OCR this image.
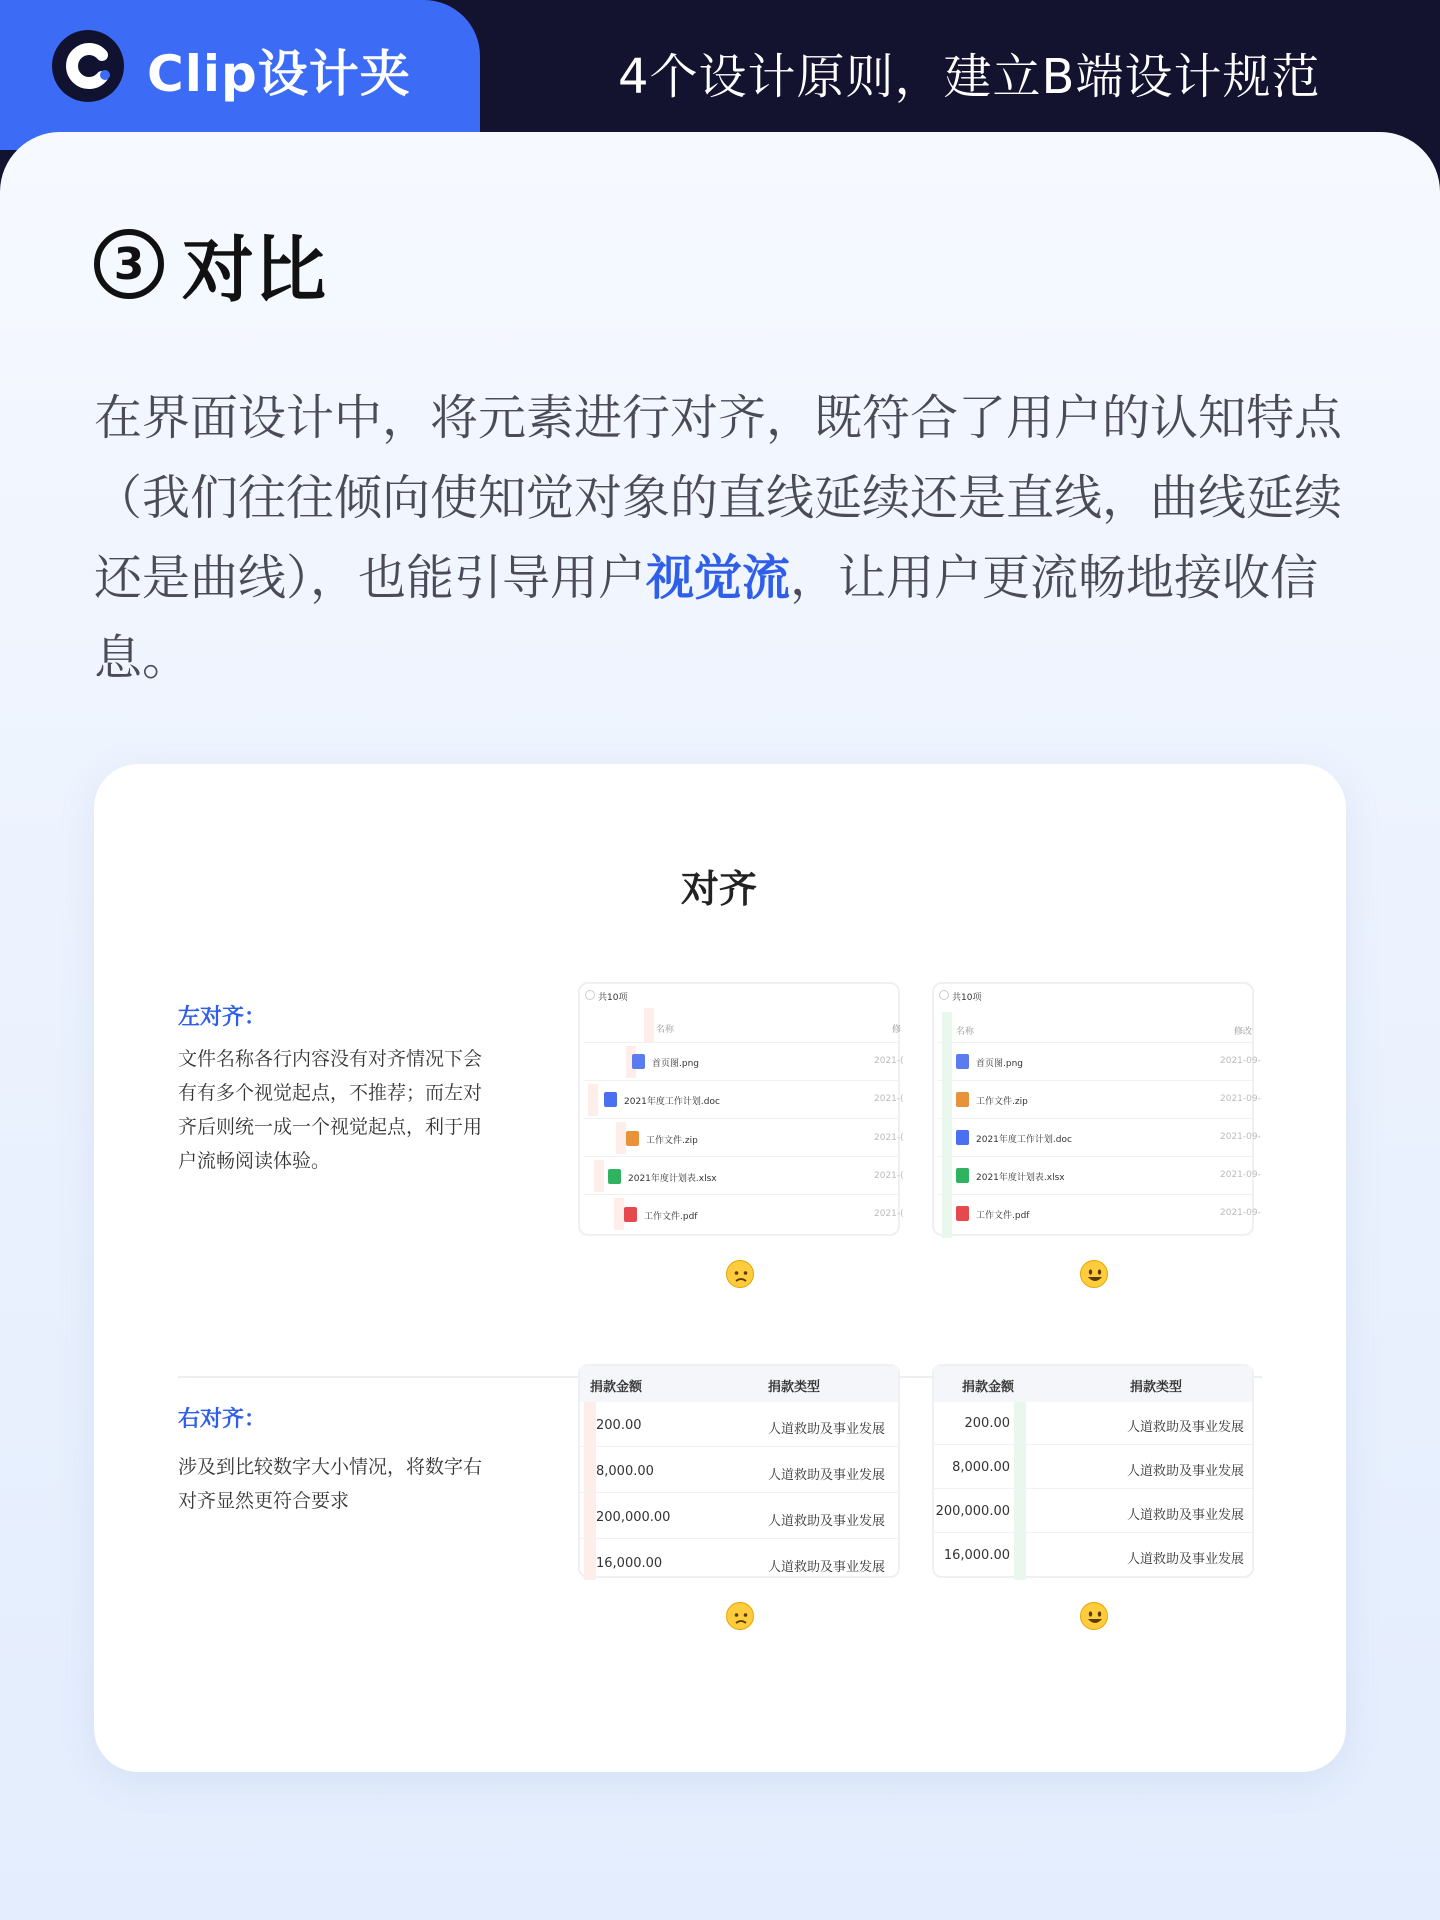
Clip设计夹	4个设计原则，建立B端设计规范
3 对比
在界面设计中，将元素进行对齐，既符合了用户的认知特点（我们往往倾向使知觉对象的直线延续还是直线，曲线延续还是曲线），也能引导用户视觉流，让用户更流畅地接收信息。
对齐
左对齐：
文件名称各行内容没有对齐情况下会有有多个视觉起点，不推荐；而左对齐后则统一成一个视觉起点，利于用户流畅阅读体验。
共10项
名称	修
首页图.png	2021-(
2021年度工作计划.doc	2021-(
工作文件.zip	2021-(
2021年度计划表.xlsx	2021-(
工作文件.pdf	2021-(
共10项
名称	修改
首页图.png	2021-09-
工作文件.zip	2021-09-
2021年度工作计划.doc	2021-09-
2021年度计划表.xlsx	2021-09-
工作文件.pdf	2021-09-
右对齐：
涉及到比较数字大小情况，将数字右对齐显然更符合要求
捐款金额	捐款类型
200.00	人道救助及事业发展
8,000.00	人道救助及事业发展
200,000.00	人道救助及事业发展
16,000.00	人道救助及事业发展
捐款金额	捐款类型
200.00	人道救助及事业发展
8,000.00	人道救助及事业发展
200,000.00	人道救助及事业发展
16,000.00	人道救助及事业发展
